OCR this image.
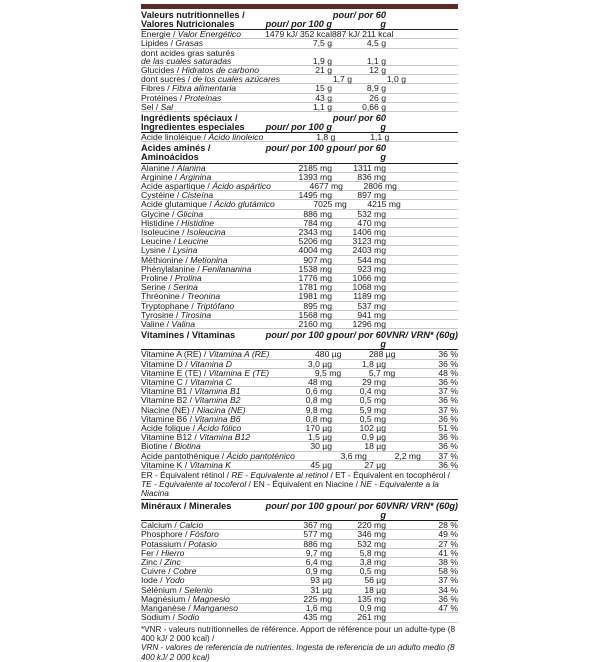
Valeurs nutritionnelles /
Valores Nutricionales	pour/ por 100 g
pour/ por 60 g
Energie / Valor Energético	1479 kJ/ 352 kcal 887 kJ/ 211 kcal
Lipides / Grasas	7,5 g	4,5 g
dont acides gras saturés
de las cuales saturadas	1,9 g	1,1 g
Glucides / Hidratos de carbono	21 g	12 g
dont sucres / de los cuales azúcares	1,7 g	1,0 g
Fibres / Fibra alimentaria	15 g	8,9 g
Protéines / Proteínas	43 g	26 g
Sel / Sal	1,1 g	0,66 g
Ingrédients spéciaux /
Ingredientes especiales	pour/ por 100 g
pour/ por 60 g
Acide linoléique / Ácido linoleico	1,8 g	1,1 g
Acides aminés / Aminoácidos
pour/ por 100 g pour/ por 60 g
Alanine / Alanina	2185 mg	1311 mg
Arginine / Arginina	1393 mg	836 mg
Acide aspartique / Ácido aspártico	4677 mg	2806 mg
Cystéine / Cisteína	1495 mg	897 mg
Acide glutamique / Ácido glutámico	7025 mg	4215 mg
Glycine / Glicina	886 mg	532 mg
Histidine / Histidine	784 mg	470 mg
Isoleucine / Isoleucina	2343 mg	1406 mg
Leucine / Leucine	5206 mg	3123 mg
Lysine / Lysina	4004 mg	2403 mg
Méthionine / Metionina	907 mg	544 mg
Phénylalanine / Fenilananina	1538 mg	923 mg
Proline / Prolina	1776 mg	1066 mg
Serine / Serina	1781 mg	1068 mg
Thréonine / Treonina	1981 mg	1189 mg
Tryptophane / Triptófano	895 mg	537 mg
Tyrosine / Tirosina	1568 mg	941 mg
Valine / Valina	2160 mg	1296 mg
Vitamines / Vitaminas	pour/ por 100 g pour/ por 60 g
VNR/ VRN* (60g)
Vitamine A (RE) / Vitamina A (RE)	480 µg	288 µg	36 %
Vitamine D / Vitamina D	3,0 µg	1,8 µg	36 %
Vitamine E (TE) / Vitamina E (TE)	9,5 mg	5,7 mg	48 %
Vitamine C / Vitamina C	48 mg	29 mg	36 %
Vitamine B1 / Vitamina B1	0,6 mg	0,4 mg	37 %
Vitamine B2 / Vitamina B2	0,8 mg	0,5 mg	36 %
Niacine (NE) / Niacina (NE)	9,8 mg	5,9 mg	37 %
Vitamine B6 / Vitamina B6	0,8 mg	0,5 mg	36 %
Acide folique / Ácido fólico	170 µg	102 µg	51 %
Vitamine B12 / Vitamina B12	1,5 µg	0,9 µg	36 %
Biotine / Biotina	30 µg	18 µg	36 %
Acide pantothénique / Ácido pantoténico	3,6 mg	2,2 mg	37 %
Vitamine K / Vitamina K	45 µg	27 µg	36 %
ER - Équivalent rétinol / RE - Equivalente al retinol / ET - Équivalent en tocophérol / TE - Equivalente al tocoferol / EN - Équivalent en Niacine / NE - Equivalente a la Niacina
Minéraux / Minerales	pour/ por 100 g pour/ por 60 g
VNR/ VRN* (60g)
Calcium / Calcio	367 mg	220 mg	28 %
Phosphore / Fósforo	577 mg	346 mg	49 %
Potassium / Potasio	886 mg	532 mg	27 %
Fer / Hierro	9,7 mg	5,8 mg	41 %
Zinc / Zinc	6,4 mg	3,8 mg	38 %
Cuivre / Cobre	0,9 mg	0,5 mg	58 %
Iode / Yodo	93 µg	56 µg	37 %
Sélénium / Selenio	31 µg	18 µg	34 %
Magnésium / Magnesio	225 mg	135 mg	36 %
Manganèse / Manganeso	1,6 mg	0,9 mg	47 %
Sodium / Sodio	435 mg	261 mg
*VNR - valeurs nutritionnelles de référence. Apport de référence pour un adulte-type (8 400 kJ/ 2 000 kcal) /
VRN - valores de referencia de nutrientes. Ingesta de referencia de un adulto medio (8 400 kJ/ 2 000 kcal)
